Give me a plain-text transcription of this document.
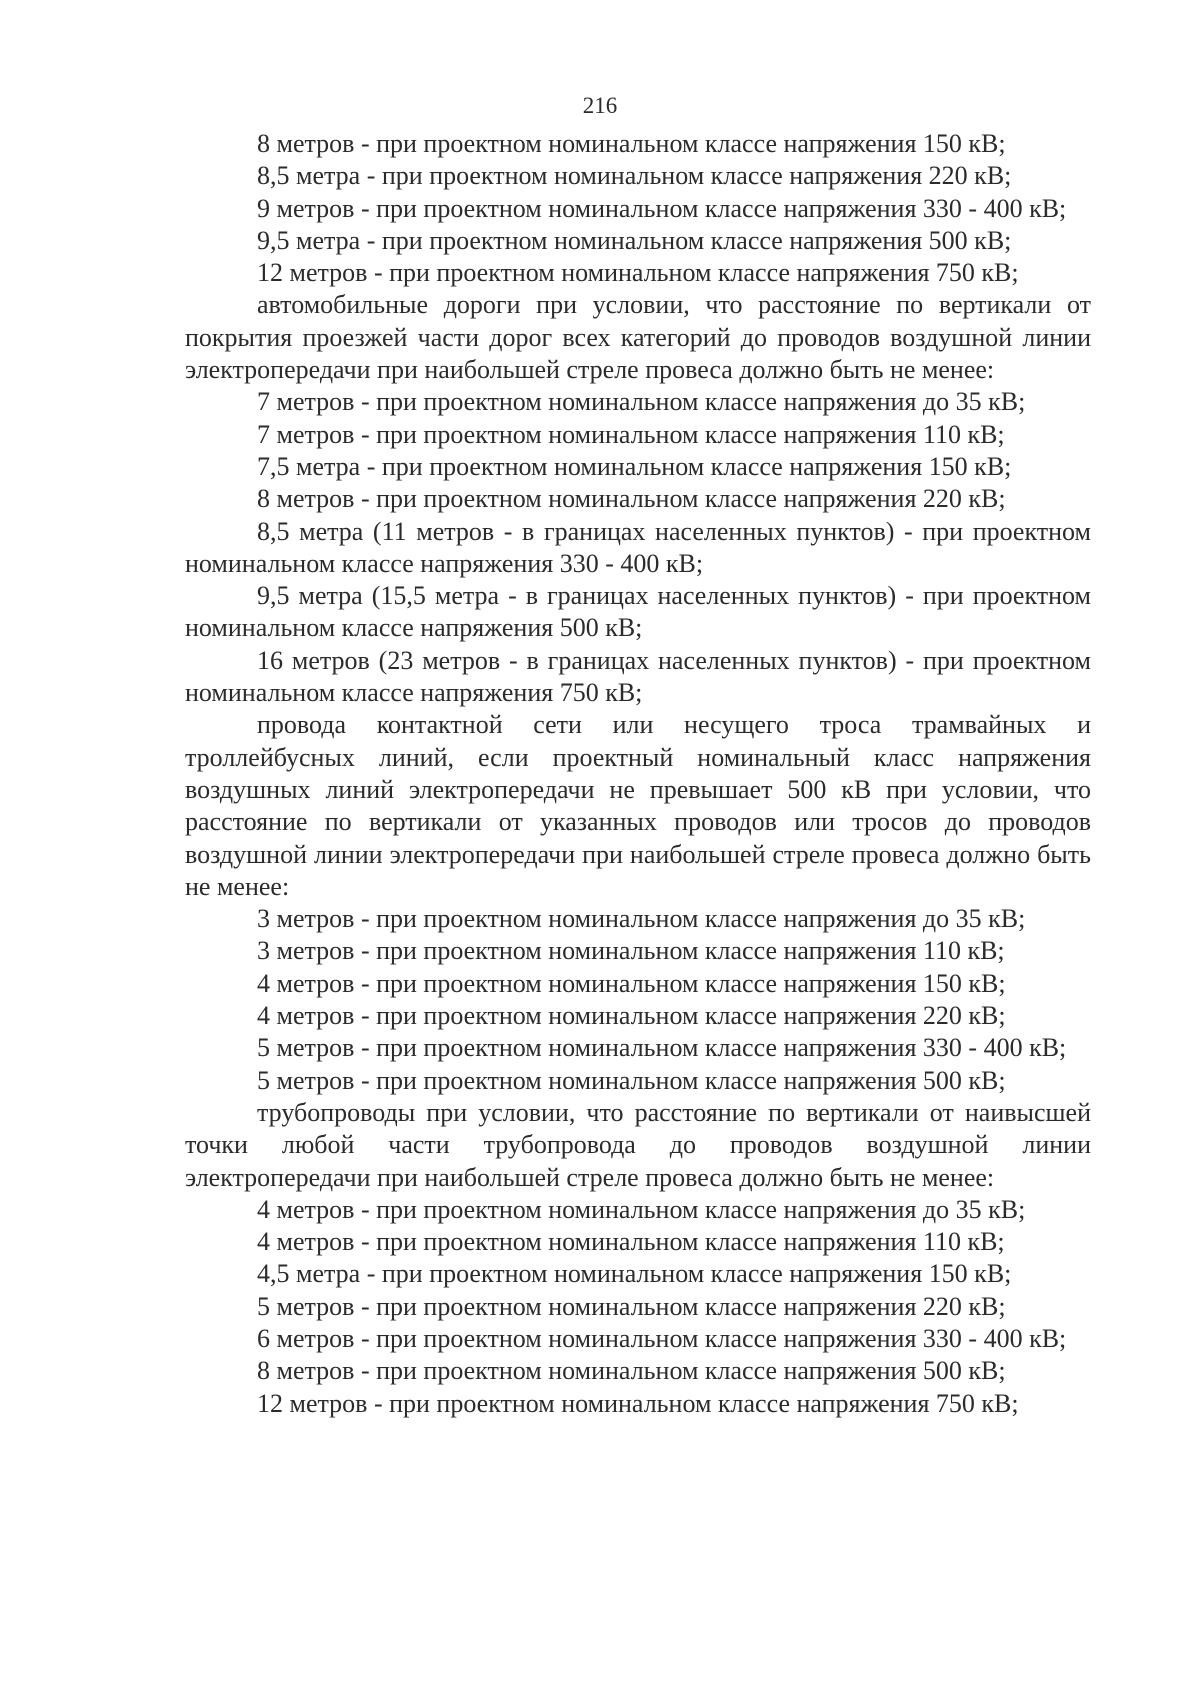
216

8 метров - при проектном номинальном классе напряжения 150 кВ;

8,5 метра - при проектном номинальном классе напряжения 220 кВ;

9 метров - при проектном номинальном классе напряжения 330 - 400 кВ;

9,5 метра - при проектном номинальном классе напряжения 500 кВ;

12 метров - при проектном номинальном классе напряжения 750 кВ;

автомобильные дороги при условии, что расстояние по вертикали от покрытия проезжей части дорог всех категорий до проводов воздушной линии электропередачи при наибольшей стреле провеса должно быть не менее:

7 метров - при проектном номинальном классе напряжения до 35 кВ;

7 метров - при проектном номинальном классе напряжения 110 кВ;

7,5 метра - при проектном номинальном классе напряжения 150 кВ;

8 метров - при проектном номинальном классе напряжения 220 кВ;

8,5 метра (11 метров - в границах населенных пунктов) - при проектном номинальном классе напряжения 330 - 400 кВ;

9,5 метра (15,5 метра - в границах населенных пунктов) - при проектном номинальном классе напряжения 500 кВ;

16 метров (23 метров - в границах населенных пунктов) - при проектном номинальном классе напряжения 750 кВ;

провода контактной сети или несущего троса трамвайных и троллейбусных линий, если проектный номинальный класс напряжения воздушных линий электропередачи не превышает 500 кВ при условии, что расстояние по вертикали от указанных проводов или тросов до проводов воздушной линии электропередачи при наибольшей стреле провеса должно быть не менее:

3 метров - при проектном номинальном классе напряжения до 35 кВ;

3 метров - при проектном номинальном классе напряжения 110 кВ;

4 метров - при проектном номинальном классе напряжения 150 кВ;

4 метров - при проектном номинальном классе напряжения 220 кВ;

5 метров - при проектном номинальном классе напряжения 330 - 400 кВ;

5 метров - при проектном номинальном классе напряжения 500 кВ;

трубопроводы при условии, что расстояние по вертикали от наивысшей точки любой части трубопровода до проводов воздушной линии электропередачи при наибольшей стреле провеса должно быть не менее:

4 метров - при проектном номинальном классе напряжения до 35 кВ;

4 метров - при проектном номинальном классе напряжения 110 кВ;

4,5 метра - при проектном номинальном классе напряжения 150 кВ;

5 метров - при проектном номинальном классе напряжения 220 кВ;

6 метров - при проектном номинальном классе напряжения 330 - 400 кВ;

8 метров - при проектном номинальном классе напряжения 500 кВ;

12 метров - при проектном номинальном классе напряжения 750 кВ;
